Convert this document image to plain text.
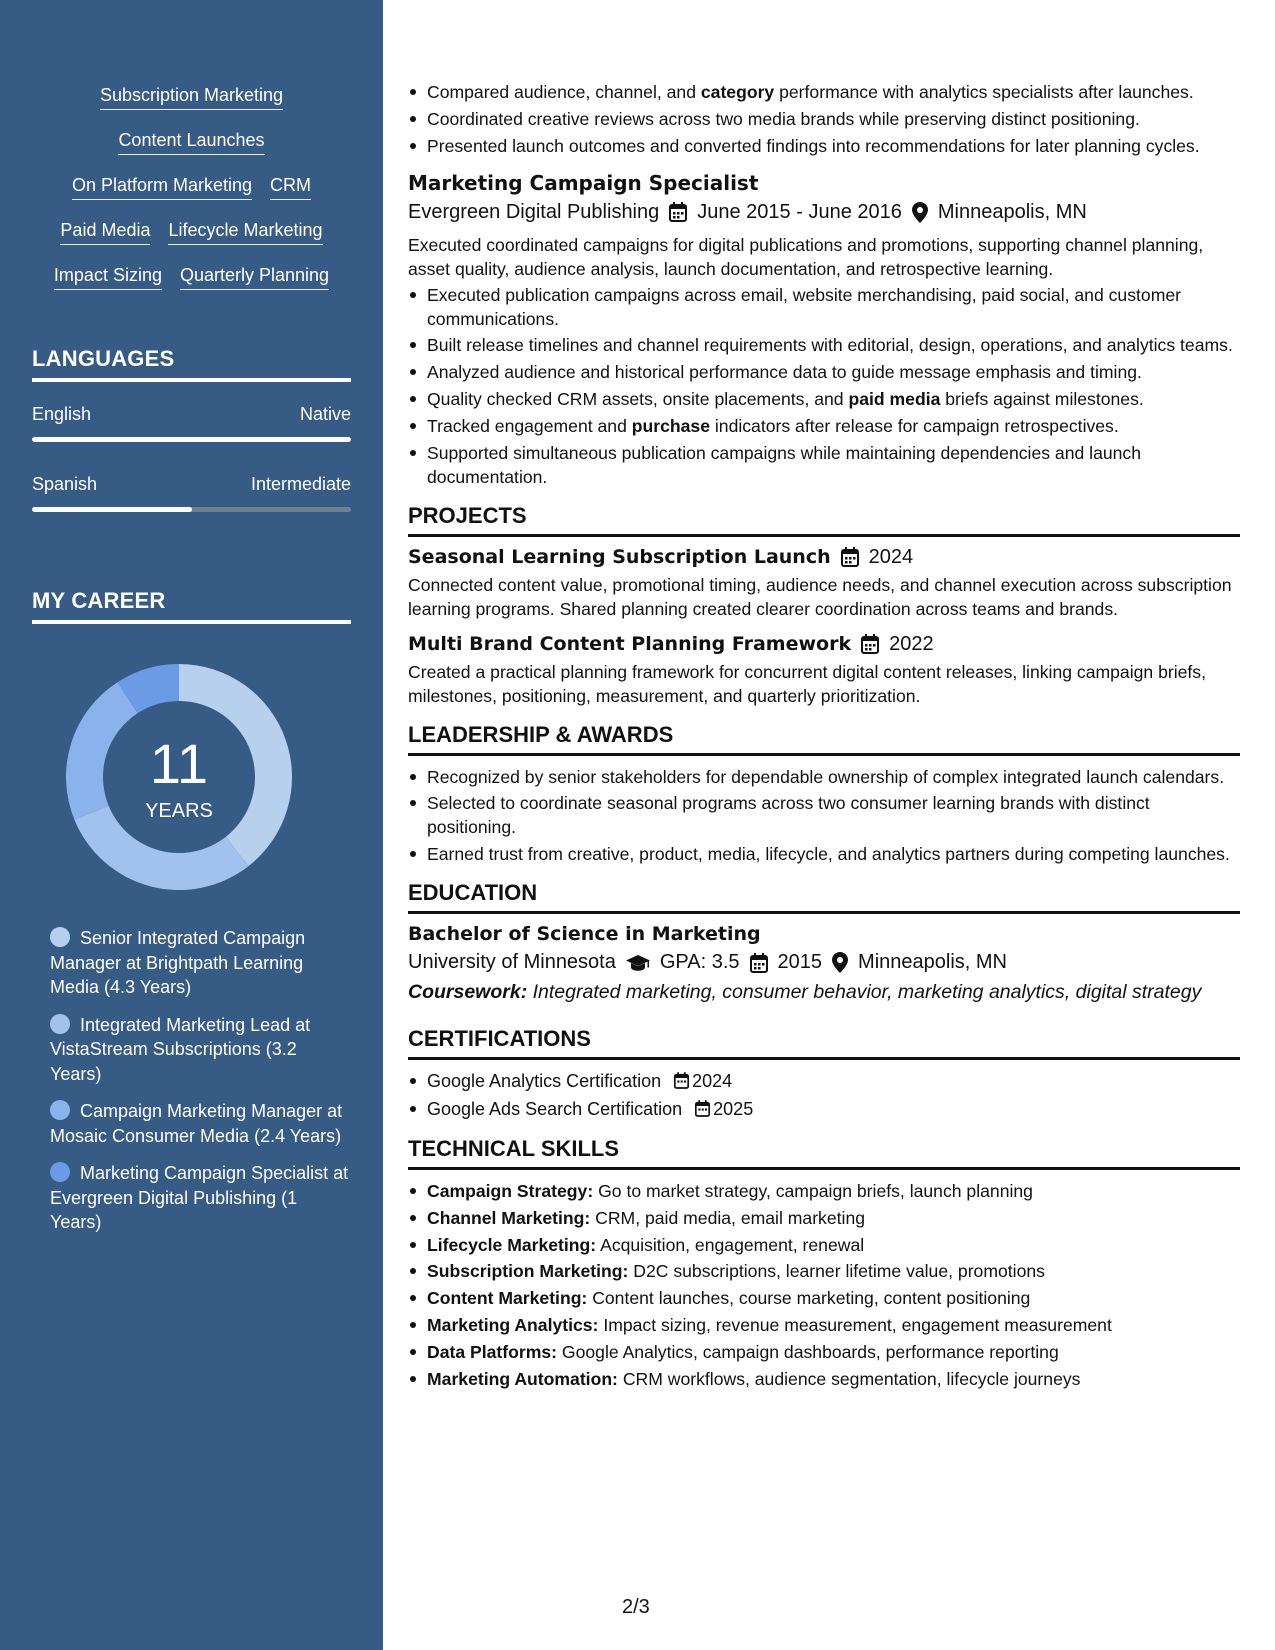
Subscription Marketing
Content Launches
On Platform Marketing CRM
Paid Media Lifecycle Marketing
Impact Sizing Quarterly Planning
LANGUAGES
English	Native
Spanish	Intermediate
MY CAREER
11
YEARS
Senior Integrated Campaign Manager at Brightpath Learning Media (4.3 Years)
Integrated Marketing Lead at VistaStream Subscriptions (3.2 Years)
Campaign Marketing Manager at Mosaic Consumer Media (2.4 Years)
Marketing Campaign Specialist at Evergreen Digital Publishing (1 Years)
Compared audience, channel, and category performance with analytics specialists after launches.
Coordinated creative reviews across two media brands while preserving distinct positioning.
Presented launch outcomes and converted findings into recommendations for later planning cycles.
Marketing Campaign Specialist
Evergreen Digital Publishing June 2015 - June 2016 Minneapolis, MN
Executed coordinated campaigns for digital publications and promotions, supporting channel planning, asset quality, audience analysis, launch documentation, and retrospective learning.
Executed publication campaigns across email, website merchandising, paid social, and customer communications.
Built release timelines and channel requirements with editorial, design, operations, and analytics teams.
Analyzed audience and historical performance data to guide message emphasis and timing.
Quality checked CRM assets, onsite placements, and paid media briefs against milestones.
Tracked engagement and purchase indicators after release for campaign retrospectives.
Supported simultaneous publication campaigns while maintaining dependencies and launch documentation.
PROJECTS
Seasonal Learning Subscription Launch 2024
Connected content value, promotional timing, audience needs, and channel execution across subscription learning programs. Shared planning created clearer coordination across teams and brands.
Multi Brand Content Planning Framework 2022
Created a practical planning framework for concurrent digital content releases, linking campaign briefs, milestones, positioning, measurement, and quarterly prioritization.
LEADERSHIP & AWARDS
Recognized by senior stakeholders for dependable ownership of complex integrated launch calendars.
Selected to coordinate seasonal programs across two consumer learning brands with distinct positioning.
Earned trust from creative, product, media, lifecycle, and analytics partners during competing launches.
EDUCATION
Bachelor of Science in Marketing
University of Minnesota GPA: 3.5 2015 Minneapolis, MN
Coursework: Integrated marketing, consumer behavior, marketing analytics, digital strategy
CERTIFICATIONS
Google Analytics Certification 2024
Google Ads Search Certification 2025
TECHNICAL SKILLS
Campaign Strategy: Go to market strategy, campaign briefs, launch planning
Channel Marketing: CRM, paid media, email marketing
Lifecycle Marketing: Acquisition, engagement, renewal
Subscription Marketing: D2C subscriptions, learner lifetime value, promotions
Content Marketing: Content launches, course marketing, content positioning
Marketing Analytics: Impact sizing, revenue measurement, engagement measurement
Data Platforms: Google Analytics, campaign dashboards, performance reporting
Marketing Automation: CRM workflows, audience segmentation, lifecycle journeys
2/3
